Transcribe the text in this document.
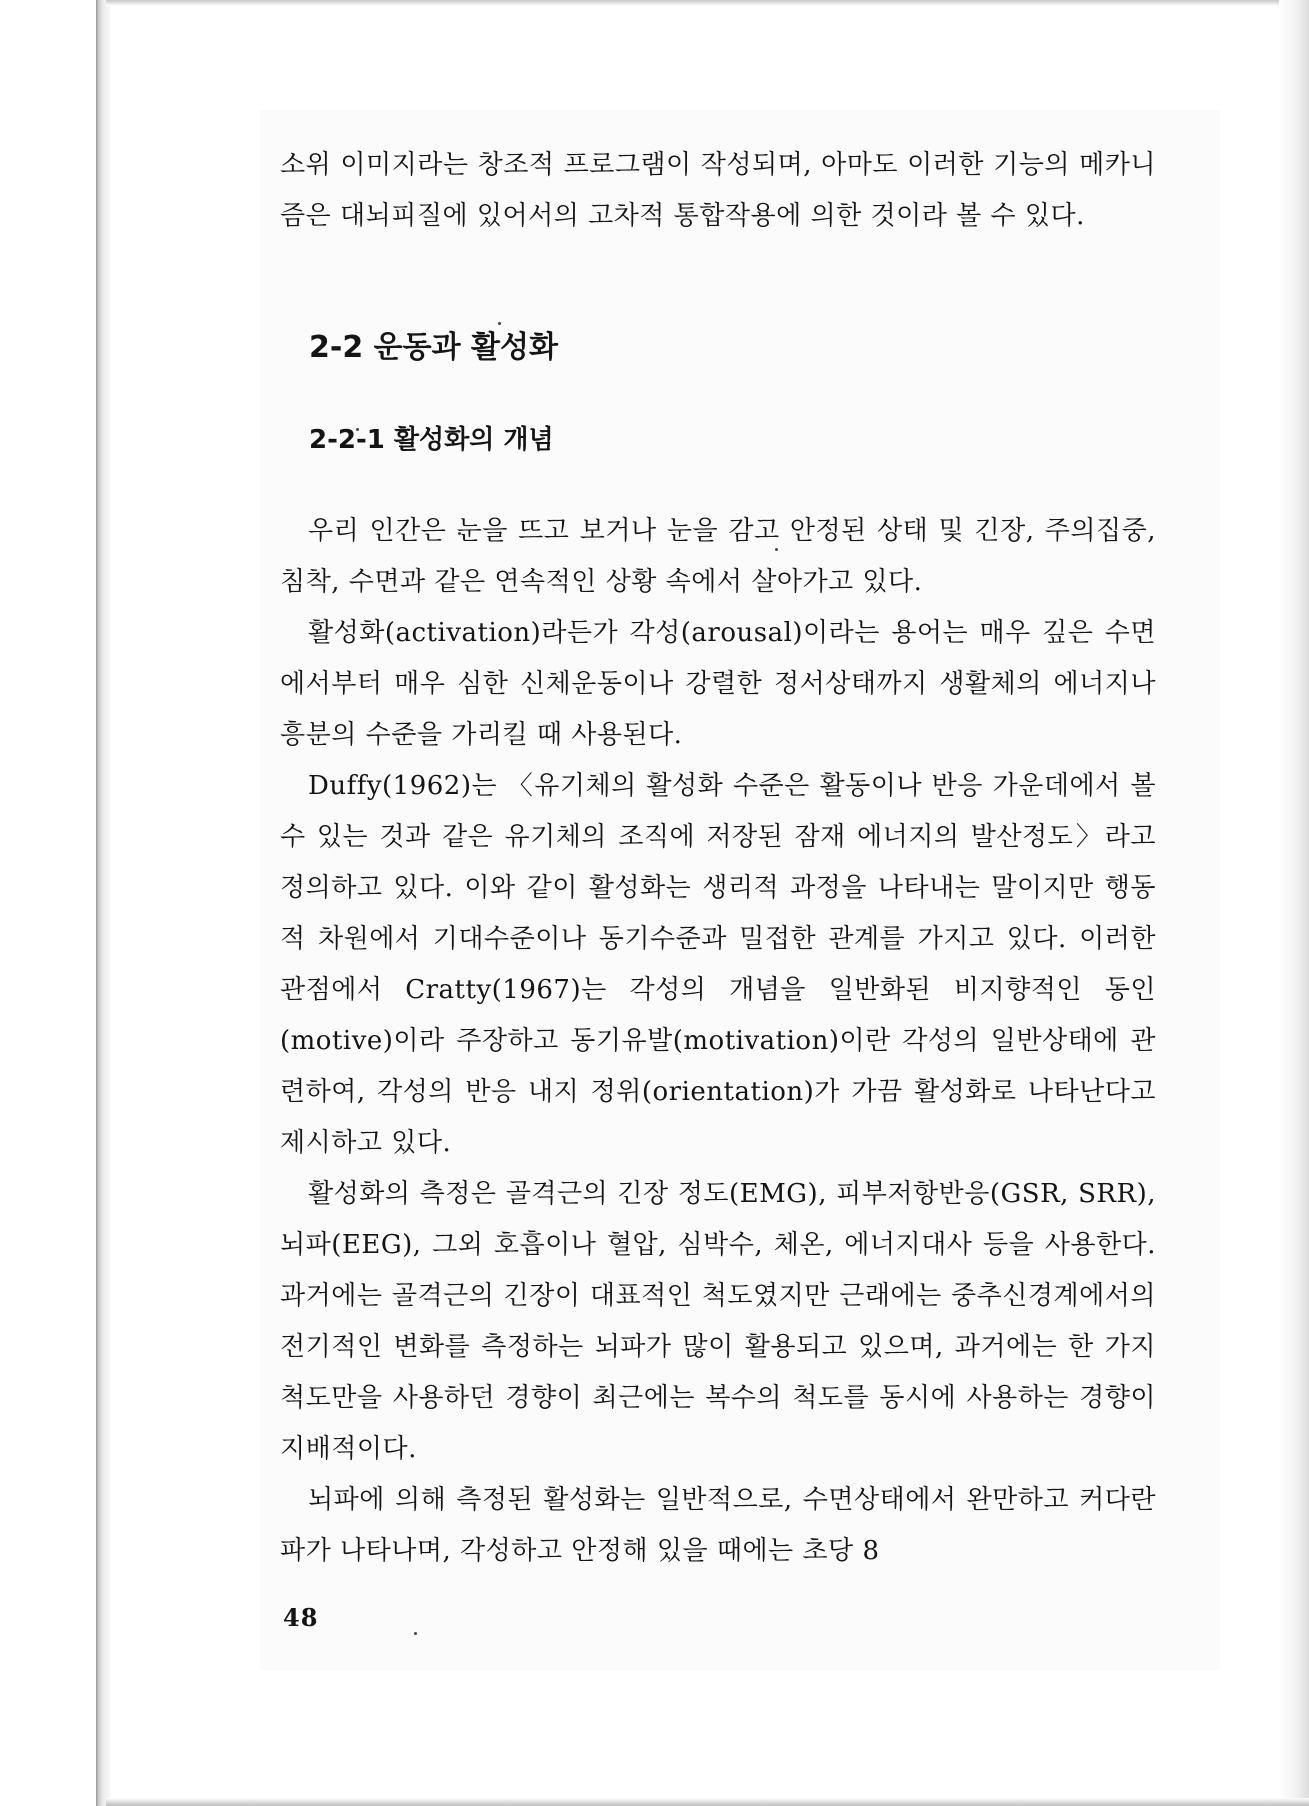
소위 이미지라는 창조적 프로그램이 작성되며, 아마도 이러한 기능의 메카니즘은 대뇌피질에 있어서의 고차적 통합작용에 의한 것이라 볼 수 있다.

2-2 운동과 활성화
2-2-1 활성화의 개념

우리 인간은 눈을 뜨고 보거나 눈을 감고 안정된 상태 및 긴장, 주의집중, 침착, 수면과 같은 연속적인 상황 속에서 살아가고 있다.

활성화(activation)라든가 각성(arousal)이라는 용어는 매우 깊은 수면에서부터 매우 심한 신체운동이나 강렬한 정서상태까지 생활체의 에너지나 흥분의 수준을 가리킬 때 사용된다.

Duffy(1962)는 〈유기체의 활성화 수준은 활동이나 반응 가운데에서 볼 수 있는 것과 같은 유기체의 조직에 저장된 잠재 에너지의 발산정도〉라고 정의하고 있다. 이와 같이 활성화는 생리적 과정을 나타내는 말이지만 행동적 차원에서 기대수준이나 동기수준과 밀접한 관계를 가지고 있다. 이러한 관점에서 Cratty(1967)는 각성의 개념을 일반화된 비지향적인 동인(motive)이라 주장하고 동기유발(motivation)이란 각성의 일반상태에 관련하여, 각성의 반응 내지 정위(orientation)가 가끔 활성화로 나타난다고 제시하고 있다.

활성화의 측정은 골격근의 긴장 정도(EMG), 피부저항반응(GSR, SRR), 뇌파(EEG), 그외 호흡이나 혈압, 심박수, 체온, 에너지대사 등을 사용한다. 과거에는 골격근의 긴장이 대표적인 척도였지만 근래에는 중추신경계에서의 전기적인 변화를 측정하는 뇌파가 많이 활용되고 있으며, 과거에는 한 가지 척도만을 사용하던 경향이 최근에는 복수의 척도를 동시에 사용하는 경향이 지배적이다.

뇌파에 의해 측정된 활성화는 일반적으로, 수면상태에서 완만하고 커다란 파가 나타나며, 각성하고 안정해 있을 때에는 초당 8

48
